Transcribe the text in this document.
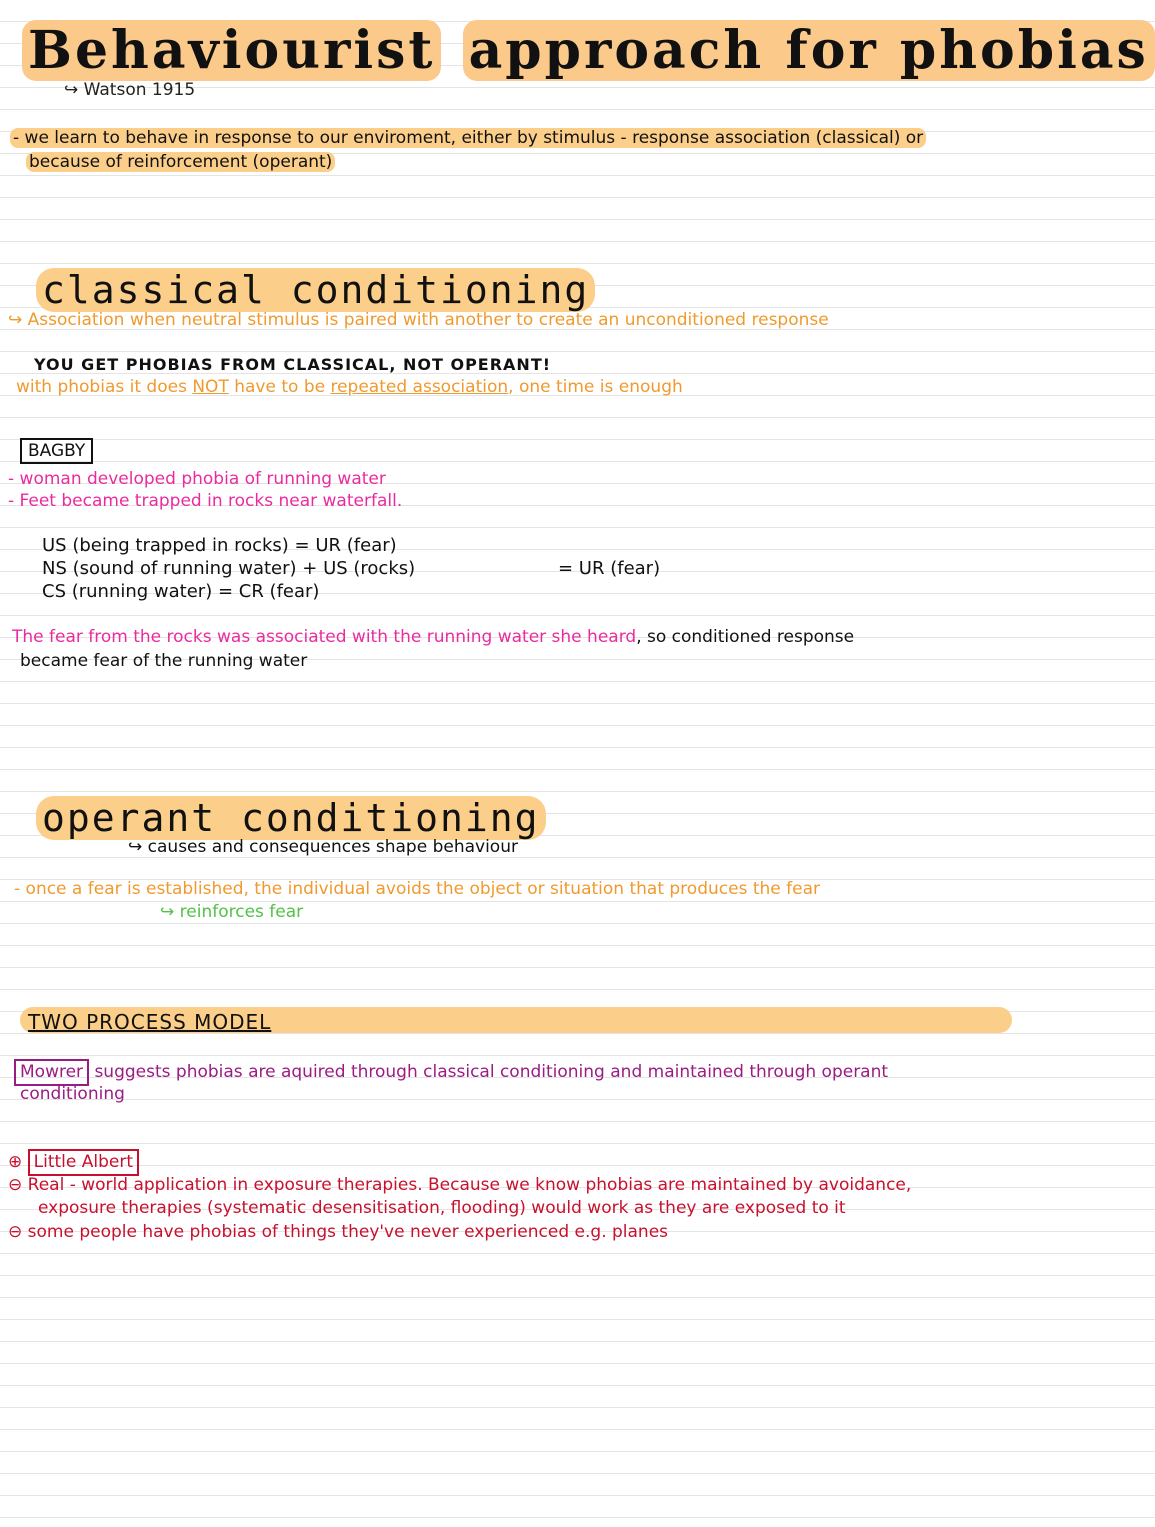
Behaviourist approach for phobias
↪ Watson 1915
- we learn to behave in response to our enviroment, either by stimulus - response association (classical) or
because of reinforcement (operant)
classical conditioning
↪ Association when neutral stimulus is paired with another to create an unconditioned response
YOU GET PHOBIAS FROM CLASSICAL, NOT OPERANT!
with phobias it does NOT have to be repeated association, one time is enough
BAGBY
- woman developed phobia of running water
- Feet became trapped in rocks near waterfall.
US (being trapped in rocks) = UR (fear)
NS (sound of running water) + US (rocks)	= UR (fear)
CS (running water) = CR (fear)
The fear from the rocks was associated with the running water she heard, so conditioned response
became fear of the running water
operant conditioning
↪ causes and consequences shape behaviour
- once a fear is established, the individual avoids the object or situation that produces the fear
↪ reinforces fear
TWO PROCESS MODEL
Mowrer suggests phobias are aquired through classical conditioning and maintained through operant
conditioning
⊕ Little Albert
⊖ Real - world application in exposure therapies. Because we know phobias are maintained by avoidance,
exposure therapies (systematic desensitisation, flooding) would work as they are exposed to it
⊖ some people have phobias of things they've never experienced e.g. planes
